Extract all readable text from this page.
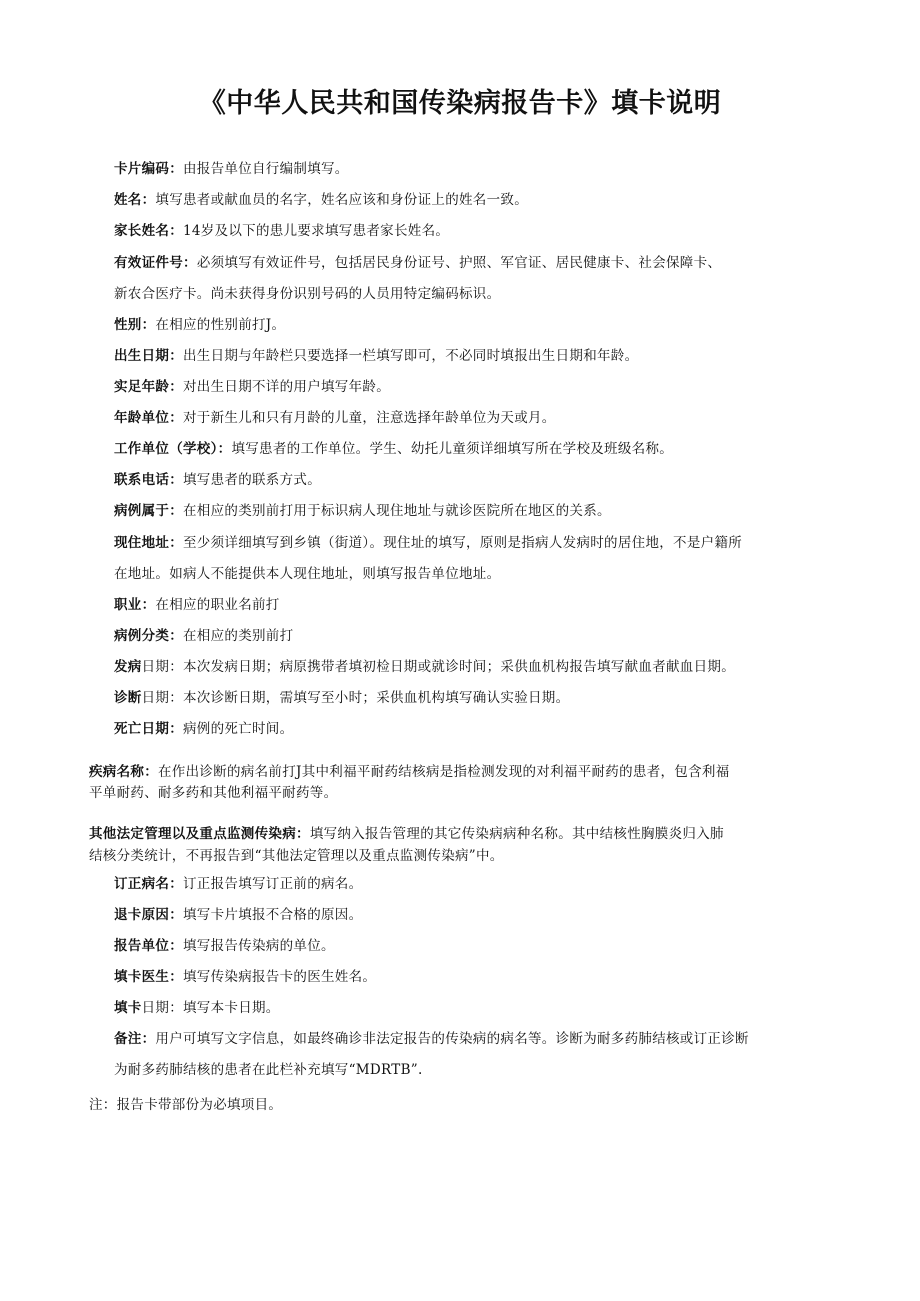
《中华人民共和国传染病报告卡》填卡说明
卡片编码：由报告单位自行编制填写。
姓名：填写患者或献血员的名字，姓名应该和身份证上的姓名一致。
家长姓名：14岁及以下的患儿要求填写患者家长姓名。
有效证件号：必须填写有效证件号，包括居民身份证号、护照、军官证、居民健康卡、社会保障卡、
新农合医疗卡。尚未获得身份识别号码的人员用特定编码标识。
性别：在相应的性别前打J。
出生日期：出生日期与年龄栏只要选择一栏填写即可，不必同时填报出生日期和年龄。
实足年龄：对出生日期不详的用户填写年龄。
年龄单位：对于新生儿和只有月龄的儿童，注意选择年龄单位为天或月。
工作单位（学校）：填写患者的工作单位。学生、幼托儿童须详细填写所在学校及班级名称。
联系电话：填写患者的联系方式。
病例属于：在相应的类别前打用于标识病人现住地址与就诊医院所在地区的关系。
现住地址：至少须详细填写到乡镇（街道）。现住址的填写，原则是指病人发病时的居住地，不是户籍所
在地址。如病人不能提供本人现住地址，则填写报告单位地址。
职业：在相应的职业名前打
病例分类：在相应的类别前打
发病日期：本次发病日期；病原携带者填初检日期或就诊时间；采供血机构报告填写献血者献血日期。
诊断日期：本次诊断日期，需填写至小时；采供血机构填写确认实验日期。
死亡日期：病例的死亡时间。
疾病名称：在作出诊断的病名前打J其中利福平耐药结核病是指检测发现的对利福平耐药的患者，包含利福
平单耐药、耐多药和其他利福平耐药等。
其他法定管理以及重点监测传染病：填写纳入报告管理的其它传染病病种名称。其中结核性胸膜炎归入肺
结核分类统计，不再报告到“其他法定管理以及重点监测传染病”中。
订正病名：订正报告填写订正前的病名。
退卡原因：填写卡片填报不合格的原因。
报告单位：填写报告传染病的单位。
填卡医生：填写传染病报告卡的医生姓名。
填卡日期：填写本卡日期。
备注：用户可填写文字信息，如最终确诊非法定报告的传染病的病名等。诊断为耐多药肺结核或订正诊断
为耐多药肺结核的患者在此栏补充填写“MDRTB”.
注：报告卡带部份为必填项目。
